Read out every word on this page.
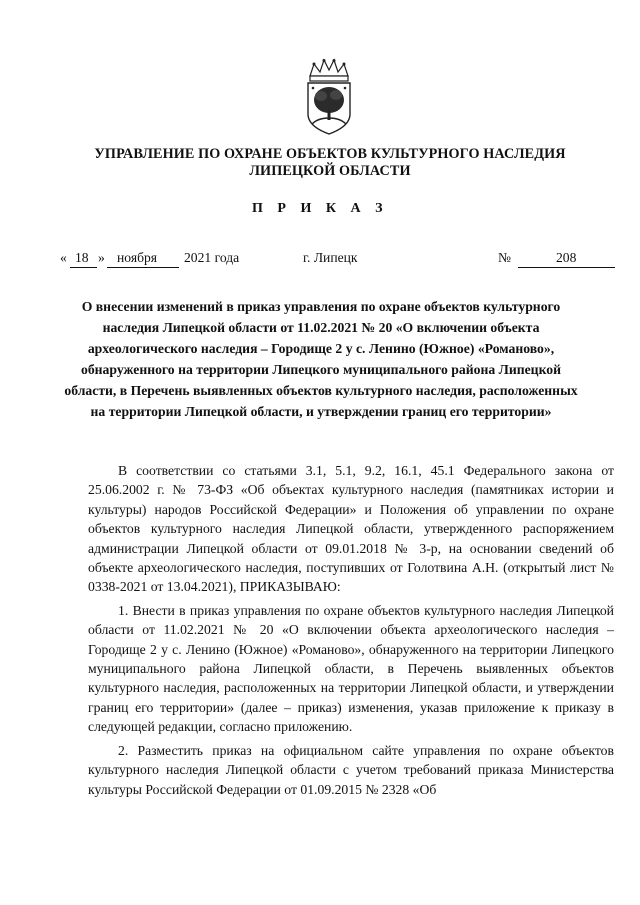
УПРАВЛЕНИЕ ПО ОХРАНЕ ОБЪЕКТОВ КУЛЬТУРНОГО НАСЛЕДИЯ
ЛИПЕЦКОЙ ОБЛАСТИ
П Р И К А З
« 18 » ноября 2021 года	г. Липецк	№	208
О внесении изменений в приказ управления по охране объектов культурного наследия Липецкой области от 11.02.2021 № 20 «О включении объекта археологического наследия – Городище 2 у с. Ленино (Южное) «Романово», обнаруженного на территории Липецкого муниципального района Липецкой области, в Перечень выявленных объектов культурного наследия, расположенных на территории Липецкой области, и утверждении границ его территории»

В соответствии со статьями 3.1, 5.1, 9.2, 16.1, 45.1 Федерального закона от 25.06.2002 г. № 73-ФЗ «Об объектах культурного наследия (памятниках истории и культуры) народов Российской Федерации» и Положения об управлении по охране объектов культурного наследия Липецкой области, утвержденного распоряжением администрации Липецкой области от 09.01.2018 № 3-р, на основании сведений об объекте археологического наследия, поступивших от Голотвина А.Н. (открытый лист № 0338-2021 от 13.04.2021), ПРИКАЗЫВАЮ:

1. Внести в приказ управления по охране объектов культурного наследия Липецкой области от 11.02.2021 № 20 «О включении объекта археологического наследия – Городище 2 у с. Ленино (Южное) «Романово», обнаруженного на территории Липецкого муниципального района Липецкой области, в Перечень выявленных объектов культурного наследия, расположенных на территории Липецкой области, и утверждении границ его территории» (далее – приказ) изменения, указав приложение к приказу в следующей редакции, согласно приложению.

2. Разместить приказ на официальном сайте управления по охране объектов культурного наследия Липецкой области с учетом требований приказа Министерства культуры Российской Федерации от 01.09.2015 № 2328 «Об
